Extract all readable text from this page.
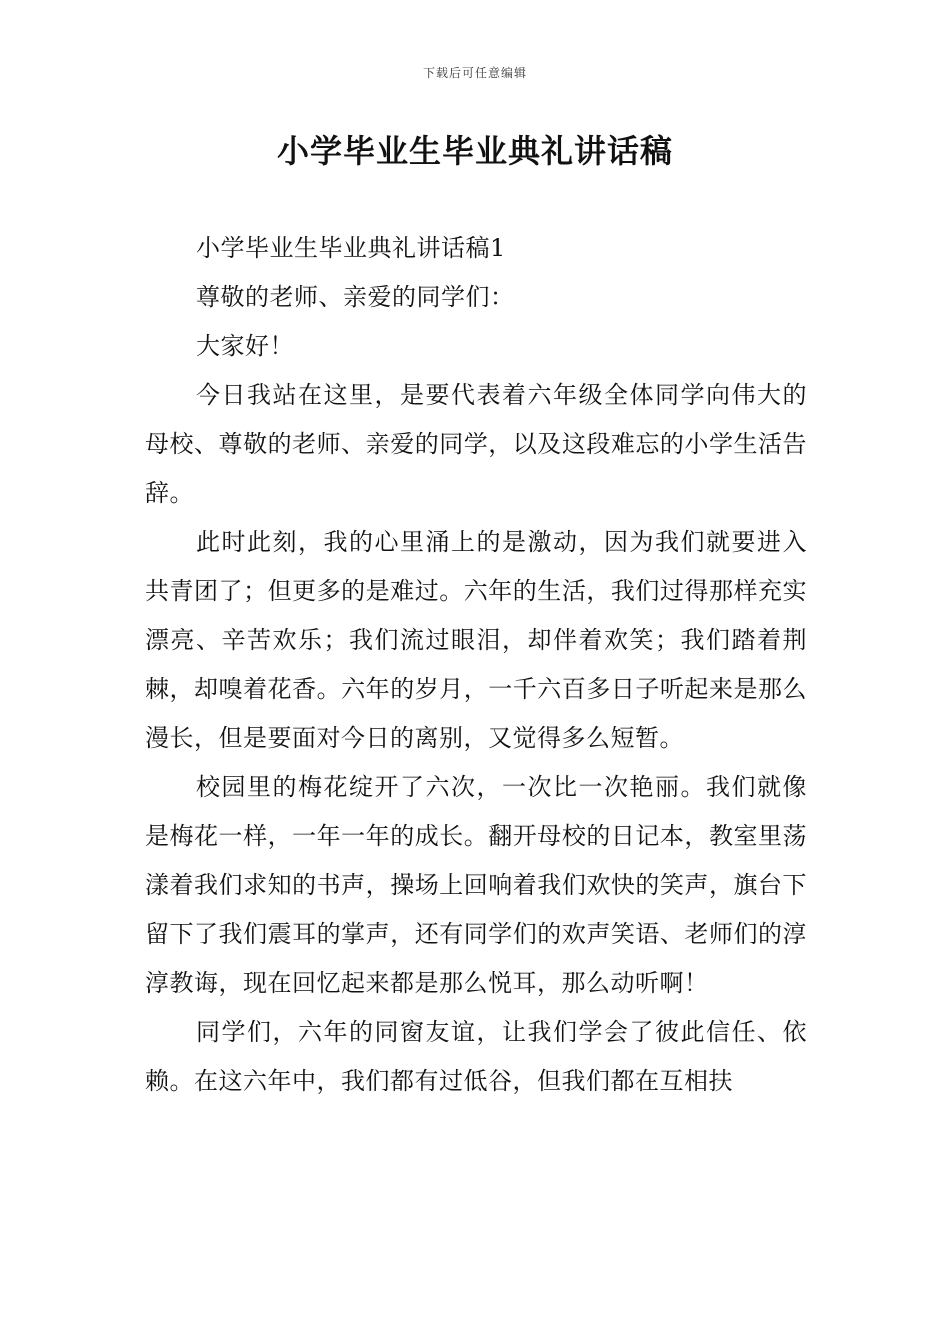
下载后可任意编辑
小学毕业生毕业典礼讲话稿

小学毕业生毕业典礼讲话稿1

尊敬的老师、亲爱的同学们：

大家好！

今日我站在这里，是要代表着六年级全体同学向伟大的母校、尊敬的老师、亲爱的同学，以及这段难忘的小学生活告辞。

此时此刻，我的心里涌上的是激动，因为我们就要进入共青团了；但更多的是难过。六年的生活，我们过得那样充实漂亮、辛苦欢乐；我们流过眼泪，却伴着欢笑；我们踏着荆棘，却嗅着花香。六年的岁月，一千六百多日子听起来是那么漫长，但是要面对今日的离别，又觉得多么短暂。

校园里的梅花绽开了六次，一次比一次艳丽。我们就像是梅花一样，一年一年的成长。翻开母校的日记本，教室里荡漾着我们求知的书声，操场上回响着我们欢快的笑声，旗台下留下了我们震耳的掌声，还有同学们的欢声笑语、老师们的淳淳教诲，现在回忆起来都是那么悦耳，那么动听啊！

同学们，六年的同窗友谊，让我们学会了彼此信任、依赖。在这六年中，我们都有过低谷，但我们都在互相扶
